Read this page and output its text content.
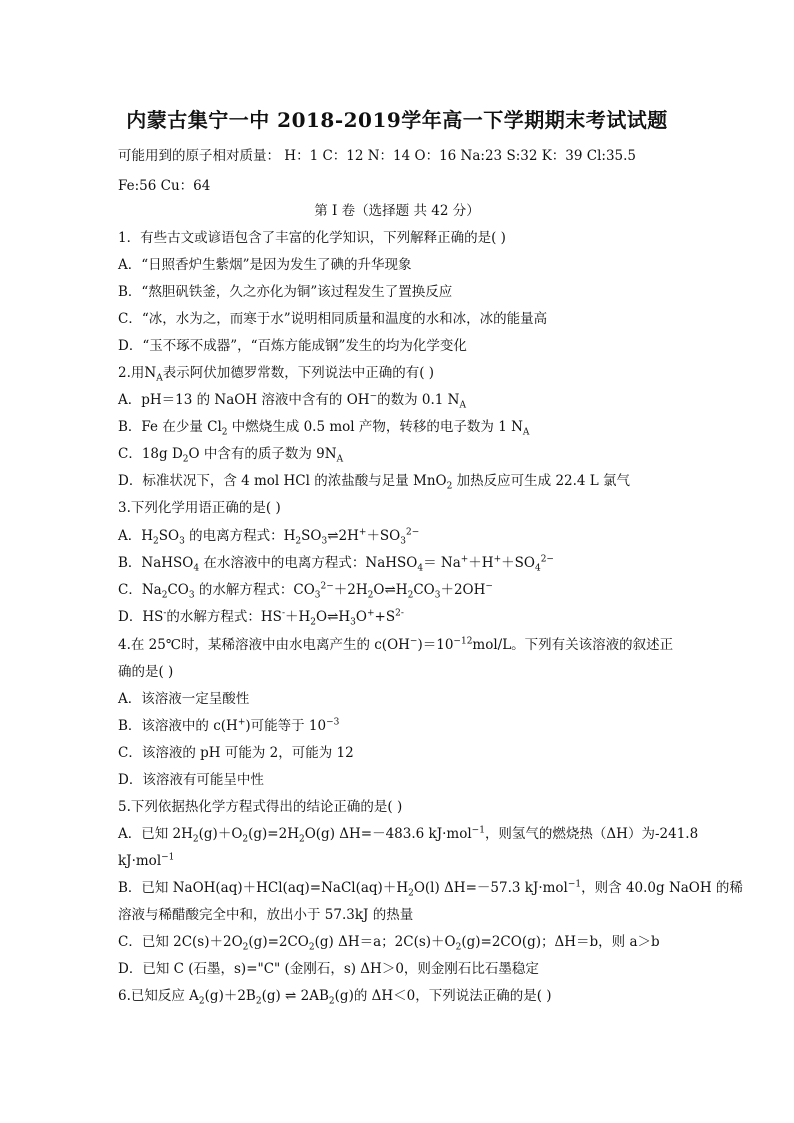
内蒙古集宁一中 2018-2019学年高一下学期期末考试试题
可能用到的原子相对质量： H：1 C：12 N：14 O：16 Na:23 S:32 K：39 Cl:35.5
Fe:56 Cu：64
第 I 卷（选择题 共 42 分）
1．有些古文或谚语包含了丰富的化学知识，下列解释正确的是( )
A．“日照香炉生紫烟”是因为发生了碘的升华现象
B．“熬胆矾铁釜，久之亦化为铜”该过程发生了置换反应
C．“冰，水为之，而寒于水”说明相同质量和温度的水和冰，冰的能量高
D．“玉不琢不成器”，“百炼方能成钢”发生的均为化学变化
2.用$N_A$表示阿伏加德罗常数，下列说法中正确的有( )
A．pH＝13 的 NaOH 溶液中含有的 OH−的数为 0.1 $N_A$
B．Fe 在少量 $Cl_2$ 中燃烧生成 0.5 mol 产物，转移的电子数为 1 $N_A$
C．18g $D_2O$ 中含有的质子数为 $9N_A$
D．标准状况下，含 4 mol HCl 的浓盐酸与足量 MnO$_2$ 加热反应可生成 22.4 L 氯气
3.下列化学用语正确的是( )
A．$H_2SO_3$ 的电离方程式：$H_2SO_3\rightleftharpoons 2H^++SO_3^{2-}$
B．NaHSO$_4$ 在水溶液中的电离方程式：NaHSO$_4$＝ $Na^++H^++SO_4^{2-}$
C．$Na_2CO_3$ 的水解方程式：$CO_3^{2-}+2H_2O\rightleftharpoons H_2CO_3+2OH^-$
D．HS-的水解方程式：$HS^-+H_2O\rightleftharpoons H_3O^++S^{2-}$
4.在 25℃时，某稀溶液中由水电离产生的 $c(OH^-)=10^{-12}mol/L$。下列有关该溶液的叙述正
确的是( )
A．该溶液一定呈酸性
B．该溶液中的 c(H+)可能等于 $10^{-3}$
C．该溶液的 pH 可能为 2，可能为 12
D．该溶液有可能呈中性
5.下列依据热化学方程式得出的结论正确的是( )
A．已知 $2H_2(g)+O_2(g)=2H_2O(g)$ ΔH=－483.6 kJ·mol$^{-1}$，则氢气的燃烧热（ΔH）为-241.8
kJ·mol$^{-1}$
B．已知 $NaOH(aq)+HCl(aq)=NaCl(aq)+H_2O(l)$ ΔH=－57.3 kJ·mol$^{-1}$，则含 40.0g NaOH 的稀
溶液与稀醋酸完全中和，放出小于 57.3kJ 的热量
C．已知 $2C(s)+2O_2(g)=2CO_2(g)$ ΔH＝a；$2C(s)+O_2(g)=2CO(g)$；ΔH＝b，则 a＞b
D．已知 C (石墨，s)="C" (金刚石，s) ΔH＞0，则金刚石比石墨稳定
6.已知反应 $A_2(g)+2B_2(g)$ ⇌ $2AB_2(g)$的 ΔH＜0，下列说法正确的是( )
